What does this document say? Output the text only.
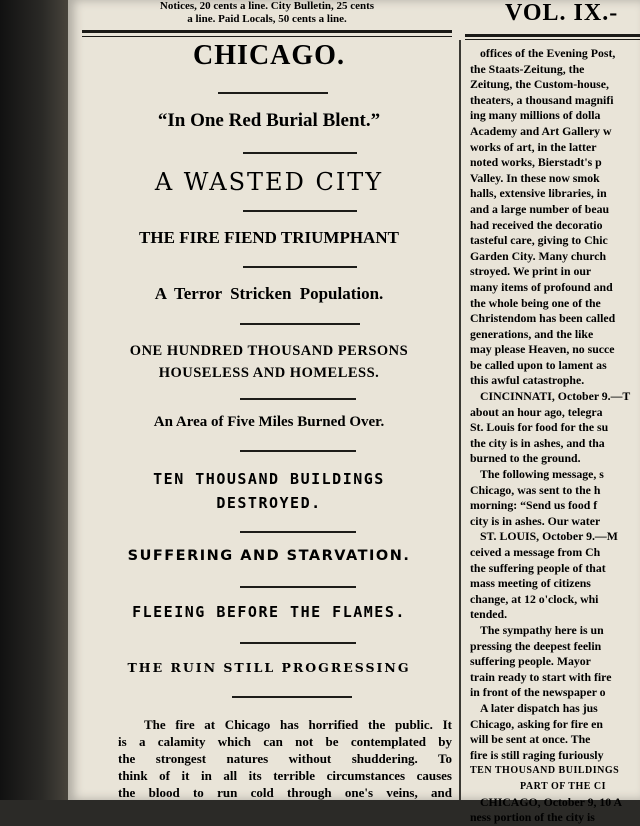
Notices, 20 cents a line. City Bulletin, 25 cents
a line. Paid Locals, 50 cents a line.
CHICAGO.
“In One Red Burial Blent.”
A WASTED CITY
THE FIRE FIEND TRIUMPHANT
A Terror Stricken Population.
ONE HUNDRED THOUSAND PERSONS
HOUSELESS AND HOMELESS.
An Area of Five Miles Burned Over.
TEN THOUSAND BUILDINGS
DESTROYED.
SUFFERING AND STARVATION.
FLEEING BEFORE THE FLAMES.
THE RUIN STILL PROGRESSING
The fire at Chicago has horrified the public. It
is a calamity which can not be contemplated by
the strongest natures without shuddering. To
think of it in all its terrible circumstances causes
the blood to run cold through one's veins, and
VOL. IX.-
offices of the Evening Post,
the Staats-Zeitung, the
Zeitung, the Custom-house,
theaters, a thousand magnifi
ing many millions of dolla
Academy and Art Gallery w
works of art, in the latter
noted works, Bierstadt's p
Valley. In these now smok
halls, extensive libraries, in
and a large number of beau
had received the decoratio
tasteful care, giving to Chic
Garden City. Many church
stroyed. We print in our
many items of profound and
the whole being one of the
Christendom has been called
generations, and the like
may please Heaven, no succe
be called upon to lament as
this awful catastrophe.
CINCINNATI, October 9.—T
about an hour ago, telegra
St. Louis for food for the su
the city is in ashes, and tha
burned to the ground.
The following message, s
Chicago, was sent to the h
morning: “Send us food f
city is in ashes. Our water
ST. LOUIS, October 9.—M
ceived a message from Ch
the suffering people of that
mass meeting of citizens
change, at 12 o'clock, whi
tended.
The sympathy here is un
pressing the deepest feelin
suffering people. Mayor
train ready to start with fire
in front of the newspaper o
A later dispatch has jus
Chicago, asking for fire en
will be sent at once. The
fire is still raging furiously
TEN THOUSAND BUILDINGS
PART OF THE CI
CHICAGO, October 9, 10 A
ness portion of the city is
